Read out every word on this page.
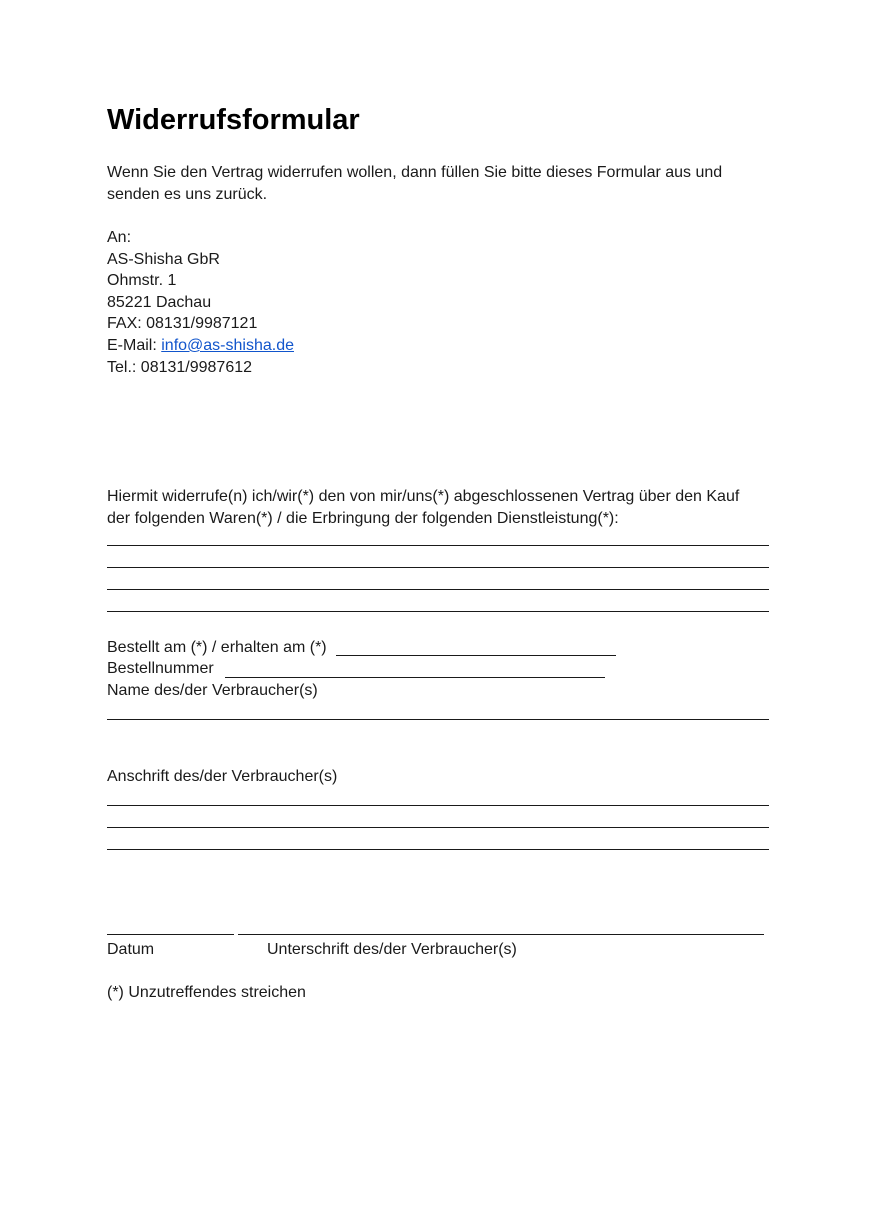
Widerrufsformular
Wenn Sie den Vertrag widerrufen wollen, dann füllen Sie bitte dieses Formular aus und
senden es uns zurück.
An:
AS-Shisha GbR
Ohmstr. 1
85221 Dachau
FAX: 08131/9987121
E-Mail: info@as-shisha.de
Tel.: 08131/9987612
Hiermit widerrufe(n) ich/wir(*) den von mir/uns(*) abgeschlossenen Vertrag über den Kauf
der folgenden Waren(*) / die Erbringung der folgenden Dienstleistung(*):
Bestellt am (*) / erhalten am (*)
Bestellnummer
Name des/der Verbraucher(s)
Anschrift des/der Verbraucher(s)
Datum	Unterschrift des/der Verbraucher(s)
(*) Unzutreffendes streichen
